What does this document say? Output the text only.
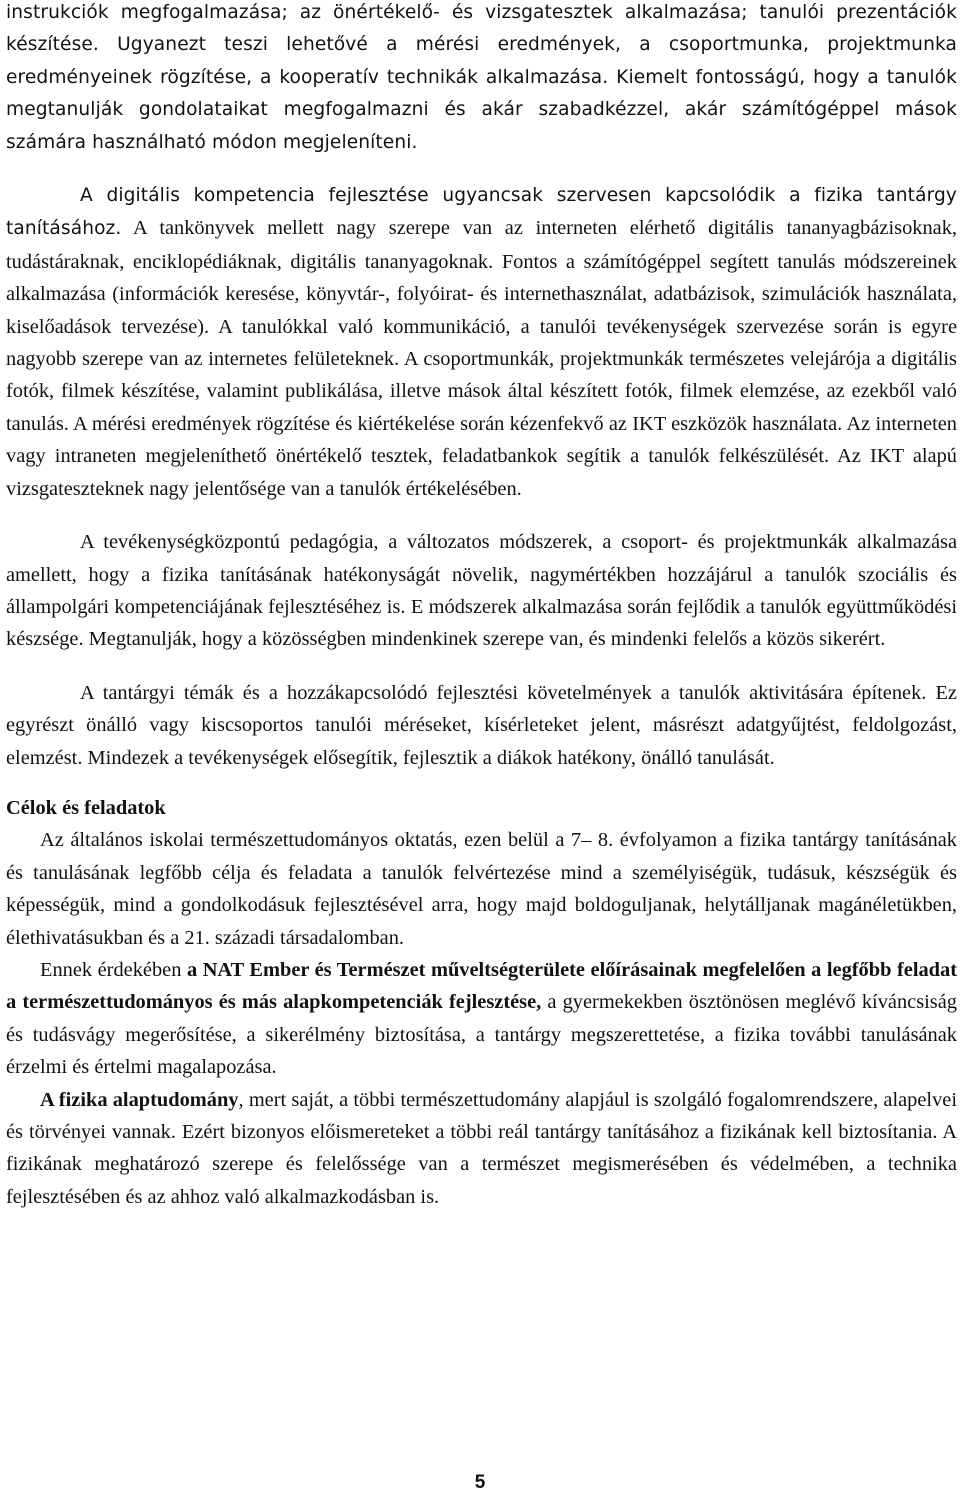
instrukciók megfogalmazása; az önértékelő- és vizsgatesztek alkalmazása; tanulói prezentációk készítése. Ugyanezt teszi lehetővé a mérési eredmények, a csoportmunka, projektmunka eredményeinek rögzítése, a kooperatív technikák alkalmazása. Kiemelt fontosságú, hogy a tanulók megtanulják gondolataikat megfogalmazni és akár szabadkézzel, akár számítógéppel mások számára használható módon megjeleníteni.

A digitális kompetencia fejlesztése ugyancsak szervesen kapcsolódik a fizika tantárgy tanításához. A tankönyvek mellett nagy szerepe van az interneten elérhető digitális tananyagbázisoknak, tudástáraknak, enciklopédiáknak, digitális tananyagoknak. Fontos a számítógéppel segített tanulás módszereinek alkalmazása (információk keresése, könyvtár-, folyóirat- és internethasználat, adatbázisok, szimulációk használata, kiselőadások tervezése). A tanulókkal való kommunikáció, a tanulói tevékenységek szervezése során is egyre nagyobb szerepe van az internetes felületeknek. A csoportmunkák, projektmunkák természetes velejárója a digitális fotók, filmek készítése, valamint publikálása, illetve mások által készített fotók, filmek elemzése, az ezekből való tanulás. A mérési eredmények rögzítése és kiértékelése során kézenfekvő az IKT eszközök használata. Az interneten vagy intraneten megjeleníthető önértékelő tesztek, feladatbankok segítik a tanulók felkészülését. Az IKT alapú vizsgateszteknek nagy jelentősége van a tanulók értékelésében.

A tevékenységközpontú pedagógia, a változatos módszerek, a csoport- és projektmunkák alkalmazása amellett, hogy a fizika tanításának hatékonyságát növelik, nagymértékben hozzájárul a tanulók szociális és állampolgári kompetenciájának fejlesztéséhez is. E módszerek alkalmazása során fejlődik a tanulók együttműködési készsége. Megtanulják, hogy a közösségben mindenkinek szerepe van, és mindenki felelős a közös sikerért.

A tantárgyi témák és a hozzákapcsolódó fejlesztési követelmények a tanulók aktivitására építenek. Ez egyrészt önálló vagy kiscsoportos tanulói méréseket, kísérleteket jelent, másrészt adatgyűjtést, feldolgozást, elemzést. Mindezek a tevékenységek elősegítik, fejlesztik a diákok hatékony, önálló tanulását.

Célok és feladatok

Az általános iskolai természettudományos oktatás, ezen belül a 7– 8. évfolyamon a fizika tantárgy tanításának és tanulásának legfőbb célja és feladata a tanulók felvértezése mind a személyiségük, tudásuk, készségük és képességük, mind a gondolkodásuk fejlesztésével arra, hogy majd boldoguljanak, helytálljanak magánéletükben, élethivatásukban és a 21. századi társadalomban.

Ennek érdekében a NAT Ember és Természet műveltségterülete előírásainak megfelelően a legfőbb feladat a természettudományos és más alapkompetenciák fejlesztése, a gyermekekben ösztönösen meglévő kíváncsiság és tudásvágy megerősítése, a sikerélmény biztosítása, a tantárgy megszerettetése, a fizika további tanulásának érzelmi és értelmi magalapozása.

A fizika alaptudomány, mert saját, a többi természettudomány alapjául is szolgáló fogalomrendszere, alapelvei és törvényei vannak. Ezért bizonyos előismereteket a többi reál tantárgy tanításához a fizikának kell biztosítania. A fizikának meghatározó szerepe és felelőssége van a természet megismerésében és védelmében, a technika fejlesztésében és az ahhoz való alkalmazkodásban is.

5
